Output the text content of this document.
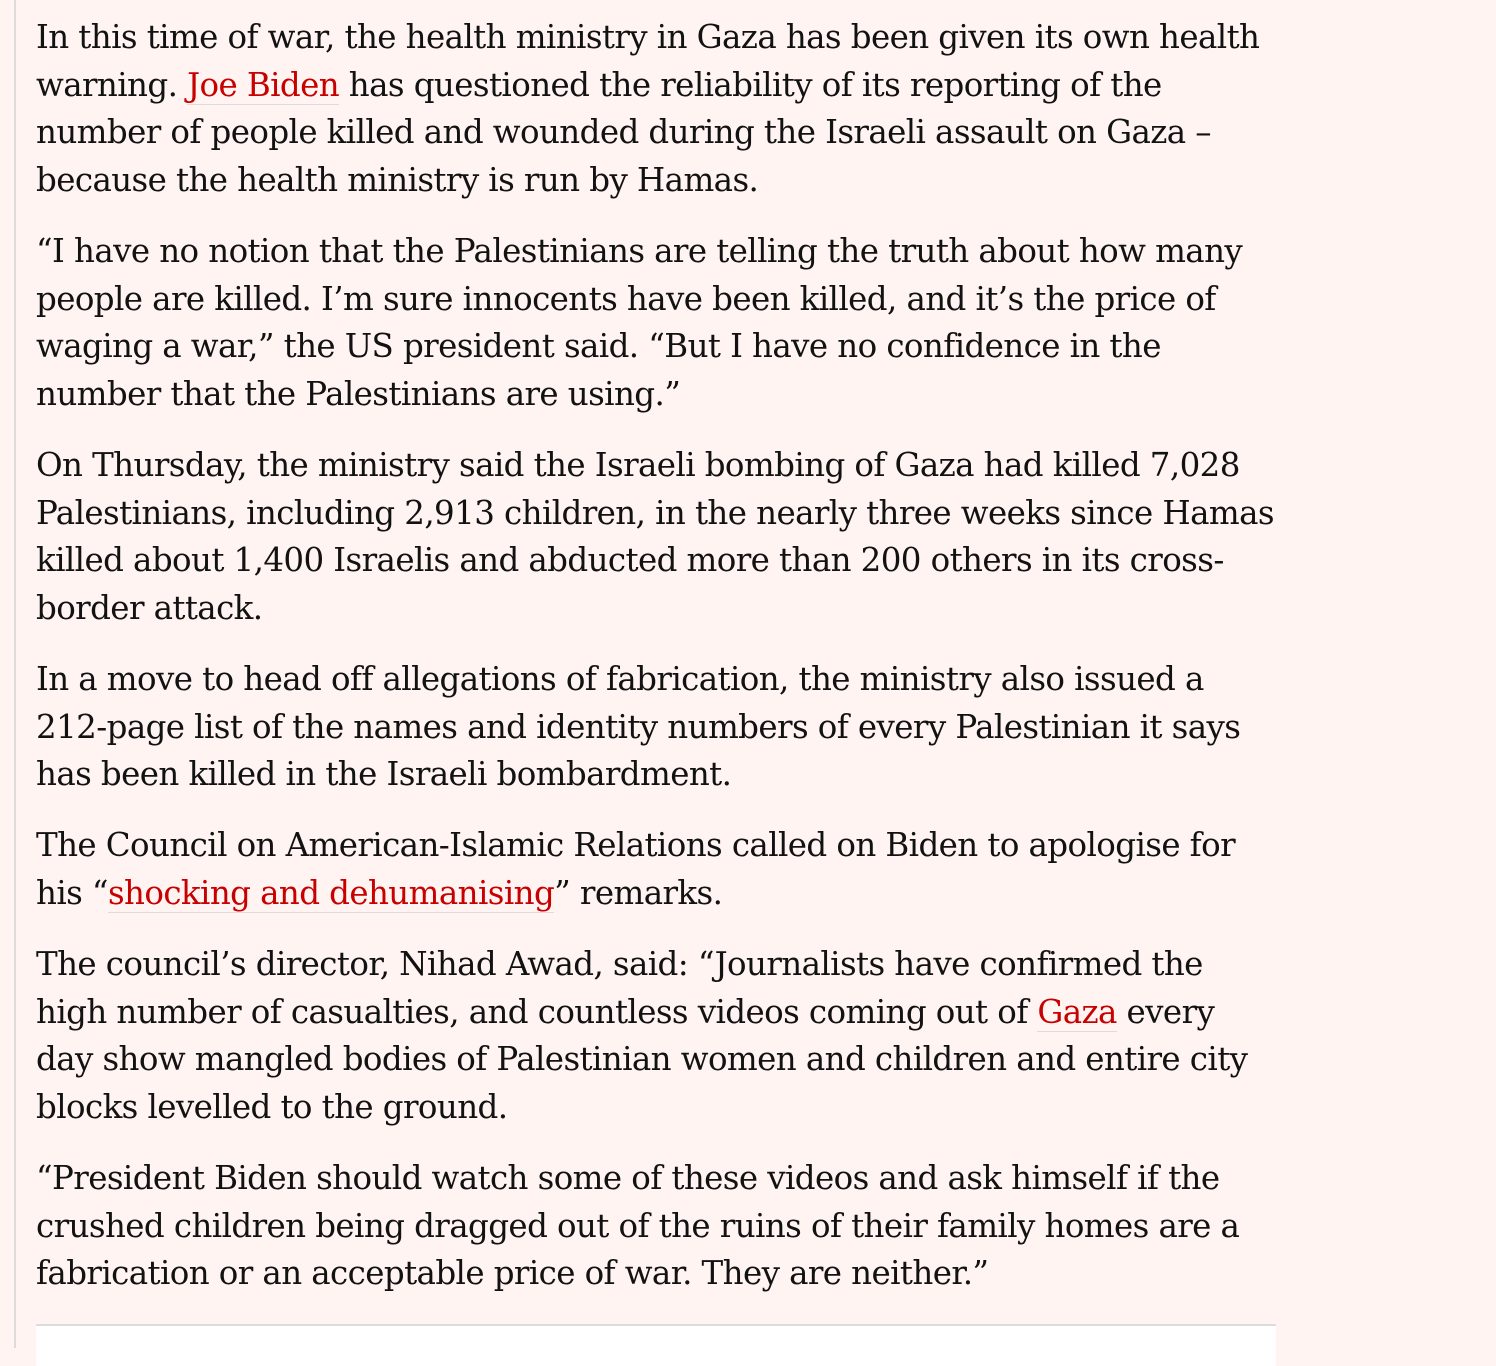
In this time of war, the health ministry in Gaza has been given its own health warning. Joe Biden has questioned the reliability of its reporting of the number of people killed and wounded during the Israeli assault on Gaza – because the health ministry is run by Hamas.

“I have no notion that the Palestinians are telling the truth about how many people are killed. I’m sure innocents have been killed, and it’s the price of waging a war,” the US president said. “But I have no confidence in the number that the Palestinians are using.”

On Thursday, the ministry said the Israeli bombing of Gaza had killed 7,028 Palestinians, including 2,913 children, in the nearly three weeks since Hamas killed about 1,400 Israelis and abducted more than 200 others in its cross-border attack.

In a move to head off allegations of fabrication, the ministry also issued a 212-page list of the names and identity numbers of every Palestinian it says has been killed in the Israeli bombardment.

The Council on American-Islamic Relations called on Biden to apologise for his “shocking and dehumanising” remarks.

The council’s director, Nihad Awad, said: “Journalists have confirmed the high number of casualties, and countless videos coming out of Gaza every day show mangled bodies of Palestinian women and children and entire city blocks levelled to the ground.

“President Biden should watch some of these videos and ask himself if the crushed children being dragged out of the ruins of their family homes are a fabrication or an acceptable price of war. They are neither.”
